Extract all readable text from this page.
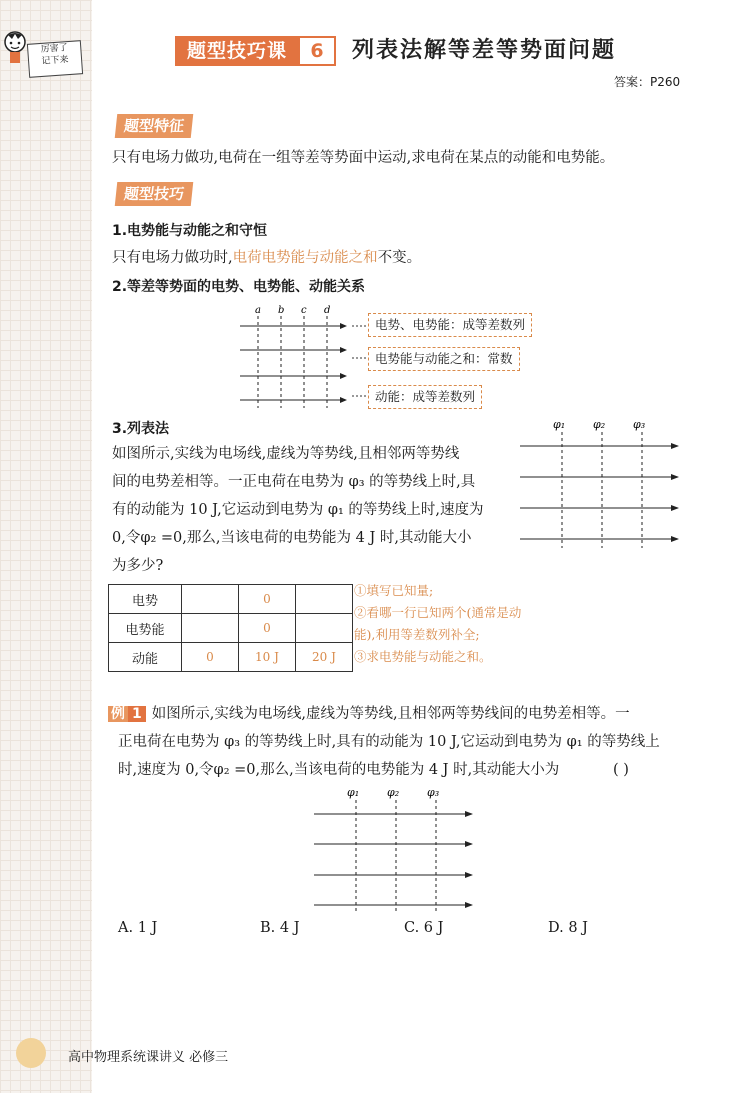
厉害了
记下来	题型技巧课	6	列表法解等差等势面问题
答案：P260
题型特征
只有电场力做功,电荷在一组等差等势面中运动,求电荷在某点的动能和电势能。
题型技巧
1.电势能与动能之和守恒
只有电场力做功时,电荷电势能与动能之和不变。
2.等差等势面的电势、电势能、动能关系
a b c d
电势、电势能：成等差数列
电势能与动能之和：常数
动能：成等差数列
3.列表法
如图所示,实线为电场线,虚线为等势线,且相邻两等势线
间的电势差相等。一正电荷在电势为 φ₃ 的等势线上时,具
有的动能为 10 J,它运动到电势为 φ₁ 的等势线上时,速度为
0,令φ₂ =0,那么,当该电荷的电势能为 4 J 时,其动能大小
为多少?
φ₁	φ₂	φ₃
电势		0	
电势能		0	
动能	0	10 J	20 J
①填写已知量;
②看哪一行已知两个(通常是动
能),利用等差数列补全;
③求电势能与动能之和。
例 1 如图所示,实线为电场线,虚线为等势线,且相邻两等势线间的电势差相等。一
正电荷在电势为 φ₃ 的等势线上时,具有的动能为 10 J,它运动到电势为 φ₁ 的等势线上
时,速度为 0,令φ₂ =0,那么,当该电荷的电势能为 4 J 时,其动能大小为	( )
φ₁	φ₂	φ₃
A. 1 J	B. 4 J	C. 6 J	D. 8 J
高中物理系统课讲义 必修三
